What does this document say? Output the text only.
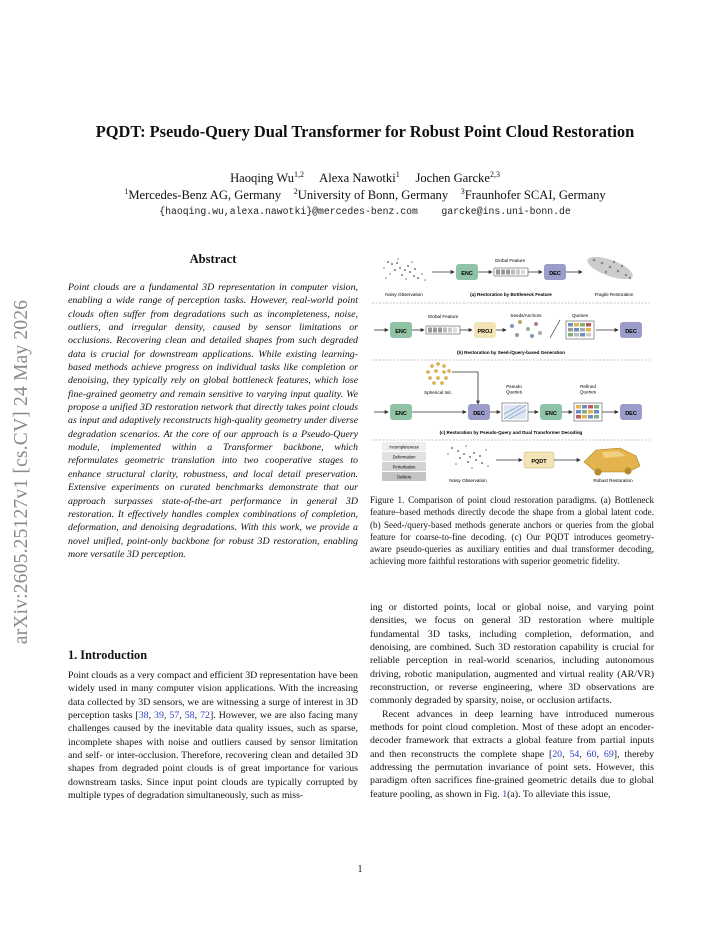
arXiv:2605.25127v1 [cs.CV] 24 May 2026
PQDT: Pseudo-Query Dual Transformer for Robust Point Cloud Restoration
Haoqing Wu$^{1,2}$ Alexa Nawotki$^1$ Jochen Garcke$^{2,3}$
$^1$Mercedes-Benz AG, Germany $^2$University of Bonn, Germany $^3$Fraunhofer SCAI, Germany
{haoqing.wu,alexa.nawotki}@mercedes-benz.com    garcke@ins.uni-bonn.de
Abstract
Point clouds are a fundamental 3D representation in computer vision, enabling a wide range of perception tasks. However, real-world point clouds often suffer from degradations such as incompleteness, noise, outliers, and irregular density, caused by sensor limitations or occlusions. Recovering clean and detailed shapes from such degraded data is crucial for downstream applications. While existing learning-based methods achieve progress on individual tasks like completion or denoising, they typically rely on global bottleneck features, which lose fine-grained geometry and remain sensitive to varying input quality. We propose a unified 3D restoration network that directly takes point clouds as input and adaptively reconstructs high-quality geometry under diverse degradation scenarios. At the core of our approach is a Pseudo-Query module, implemented within a Transformer backbone, which reformulates geometric translation into two cooperative stages to enhance structural clarity, robustness, and local detail preservation. Extensive experiments on curated benchmarks demonstrate that our approach surpasses state-of-the-art performance in general 3D restoration. It effectively handles complex combinations of completion, deformation, and denoising degradations. With this work, we provide a novel unified, point-only backbone for robust 3D restoration, enabling more versatile 3D perception.
1. Introduction
Point clouds as a very compact and efficient 3D representation have been widely used in many computer vision applications. With the increasing data collected by 3D sensors, we are witnessing a surge of interest in 3D perception tasks [38, 39, 57, 58, 72]. However, we are also facing many challenges caused by the inevitable data quality issues, such as sparse, incomplete shapes with noise and outliers caused by sensor limitation and self- or inter-occlusion. Therefore, recovering clean and detailed 3D shapes from degraded point clouds is of great importance for various downstream tasks. Since input point clouds are typically corrupted by multiple types of degradation simultaneously, such as miss-
ENC
Global Feature
DEC
Noisy Observation	(a) Restoration by Bottleneck Feature	Fragile Restoration
ENC
Global Feature
PROJ
Seeds/Anchors	Queries
DEC
(b) Restoration by Seed-/Query-based Generation
Spherical Init.
ENC	DEC
Pseudo Queries
ENC
Refined Queries
DEC
(c) Restoration by Pseudo-Query and Dual Transformer Decoding
Incompleteness
Deformation
Perturbation
Outliers
PQDT
Noisy Observation	Robust Restoration
Figure 1. Comparison of point cloud restoration paradigms. (a) Bottleneck feature–based methods directly decode the shape from a global latent code. (b) Seed-/query-based methods generate anchors or queries from the global feature for coarse-to-fine decoding. (c) Our PQDT introduces geometry-aware pseudo-queries as auxiliary entities and dual transformer decoding, achieving more faithful restorations with superior geometric fidelity.

ing or distorted points, local or global noise, and varying point densities, we focus on general 3D restoration where multiple fundamental 3D tasks, including completion, deformation, and denoising, are combined. Such 3D restoration capability is crucial for reliable perception in real-world scenarios, including autonomous driving, robotic manipulation, augmented and virtual reality (AR/VR) reconstruction, or reverse engineering, where 3D observations are commonly degraded by sparsity, noise, or occlusion artifacts.

Recent advances in deep learning have introduced numerous methods for point cloud completion. Most of these adopt an encoder-decoder framework that extracts a global feature from partial inputs and then reconstructs the complete shape [20, 54, 60, 69], thereby addressing the permutation invariance of point sets. However, this paradigm often sacrifices fine-grained geometric details due to global feature pooling, as shown in Fig. 1(a). To alleviate this issue,

1
